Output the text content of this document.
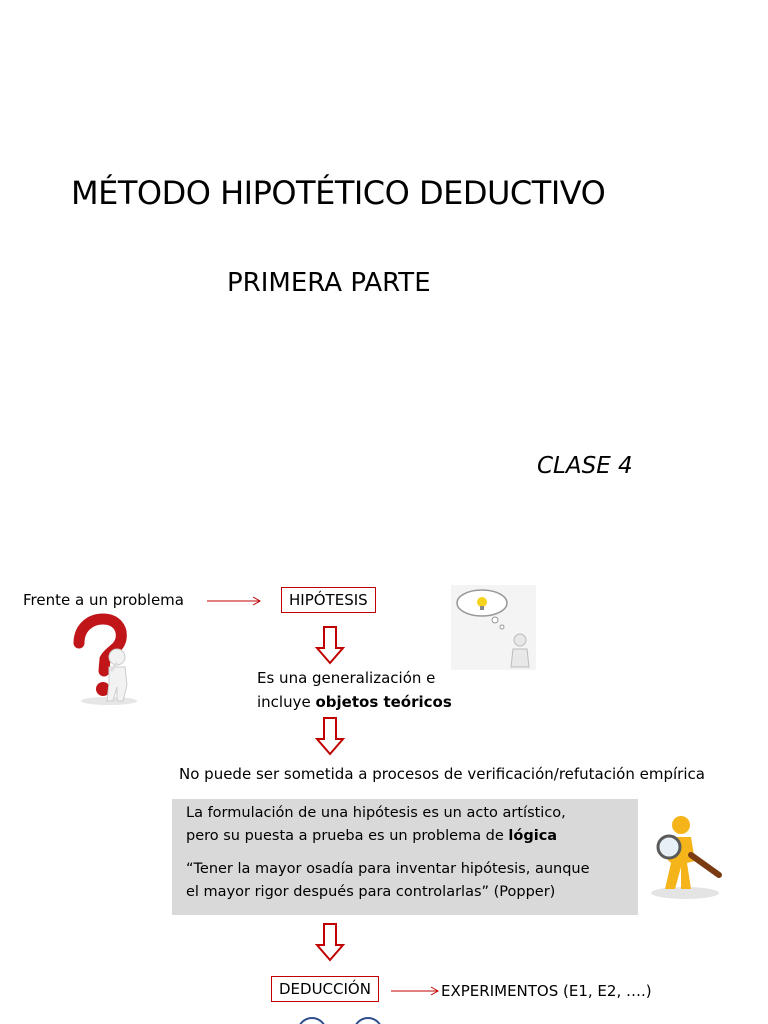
MÉTODO HIPOTÉTICO DEDUCTIVO
PRIMERA PARTE
CLASE 4
Frente a un problema	HIPÓTESIS
Es una generalización e
incluye objetos teóricos
No puede ser sometida a procesos de verificación/refutación empírica
La formulación de una hipótesis es un acto artístico,
pero su puesta a prueba es un problema de lógica
“Tener la mayor osadía para inventar hipótesis, aunque
el mayor rigor después para controlarlas” (Popper)
DEDUCCIÓN	EXPERIMENTOS (E1, E2, ….)
